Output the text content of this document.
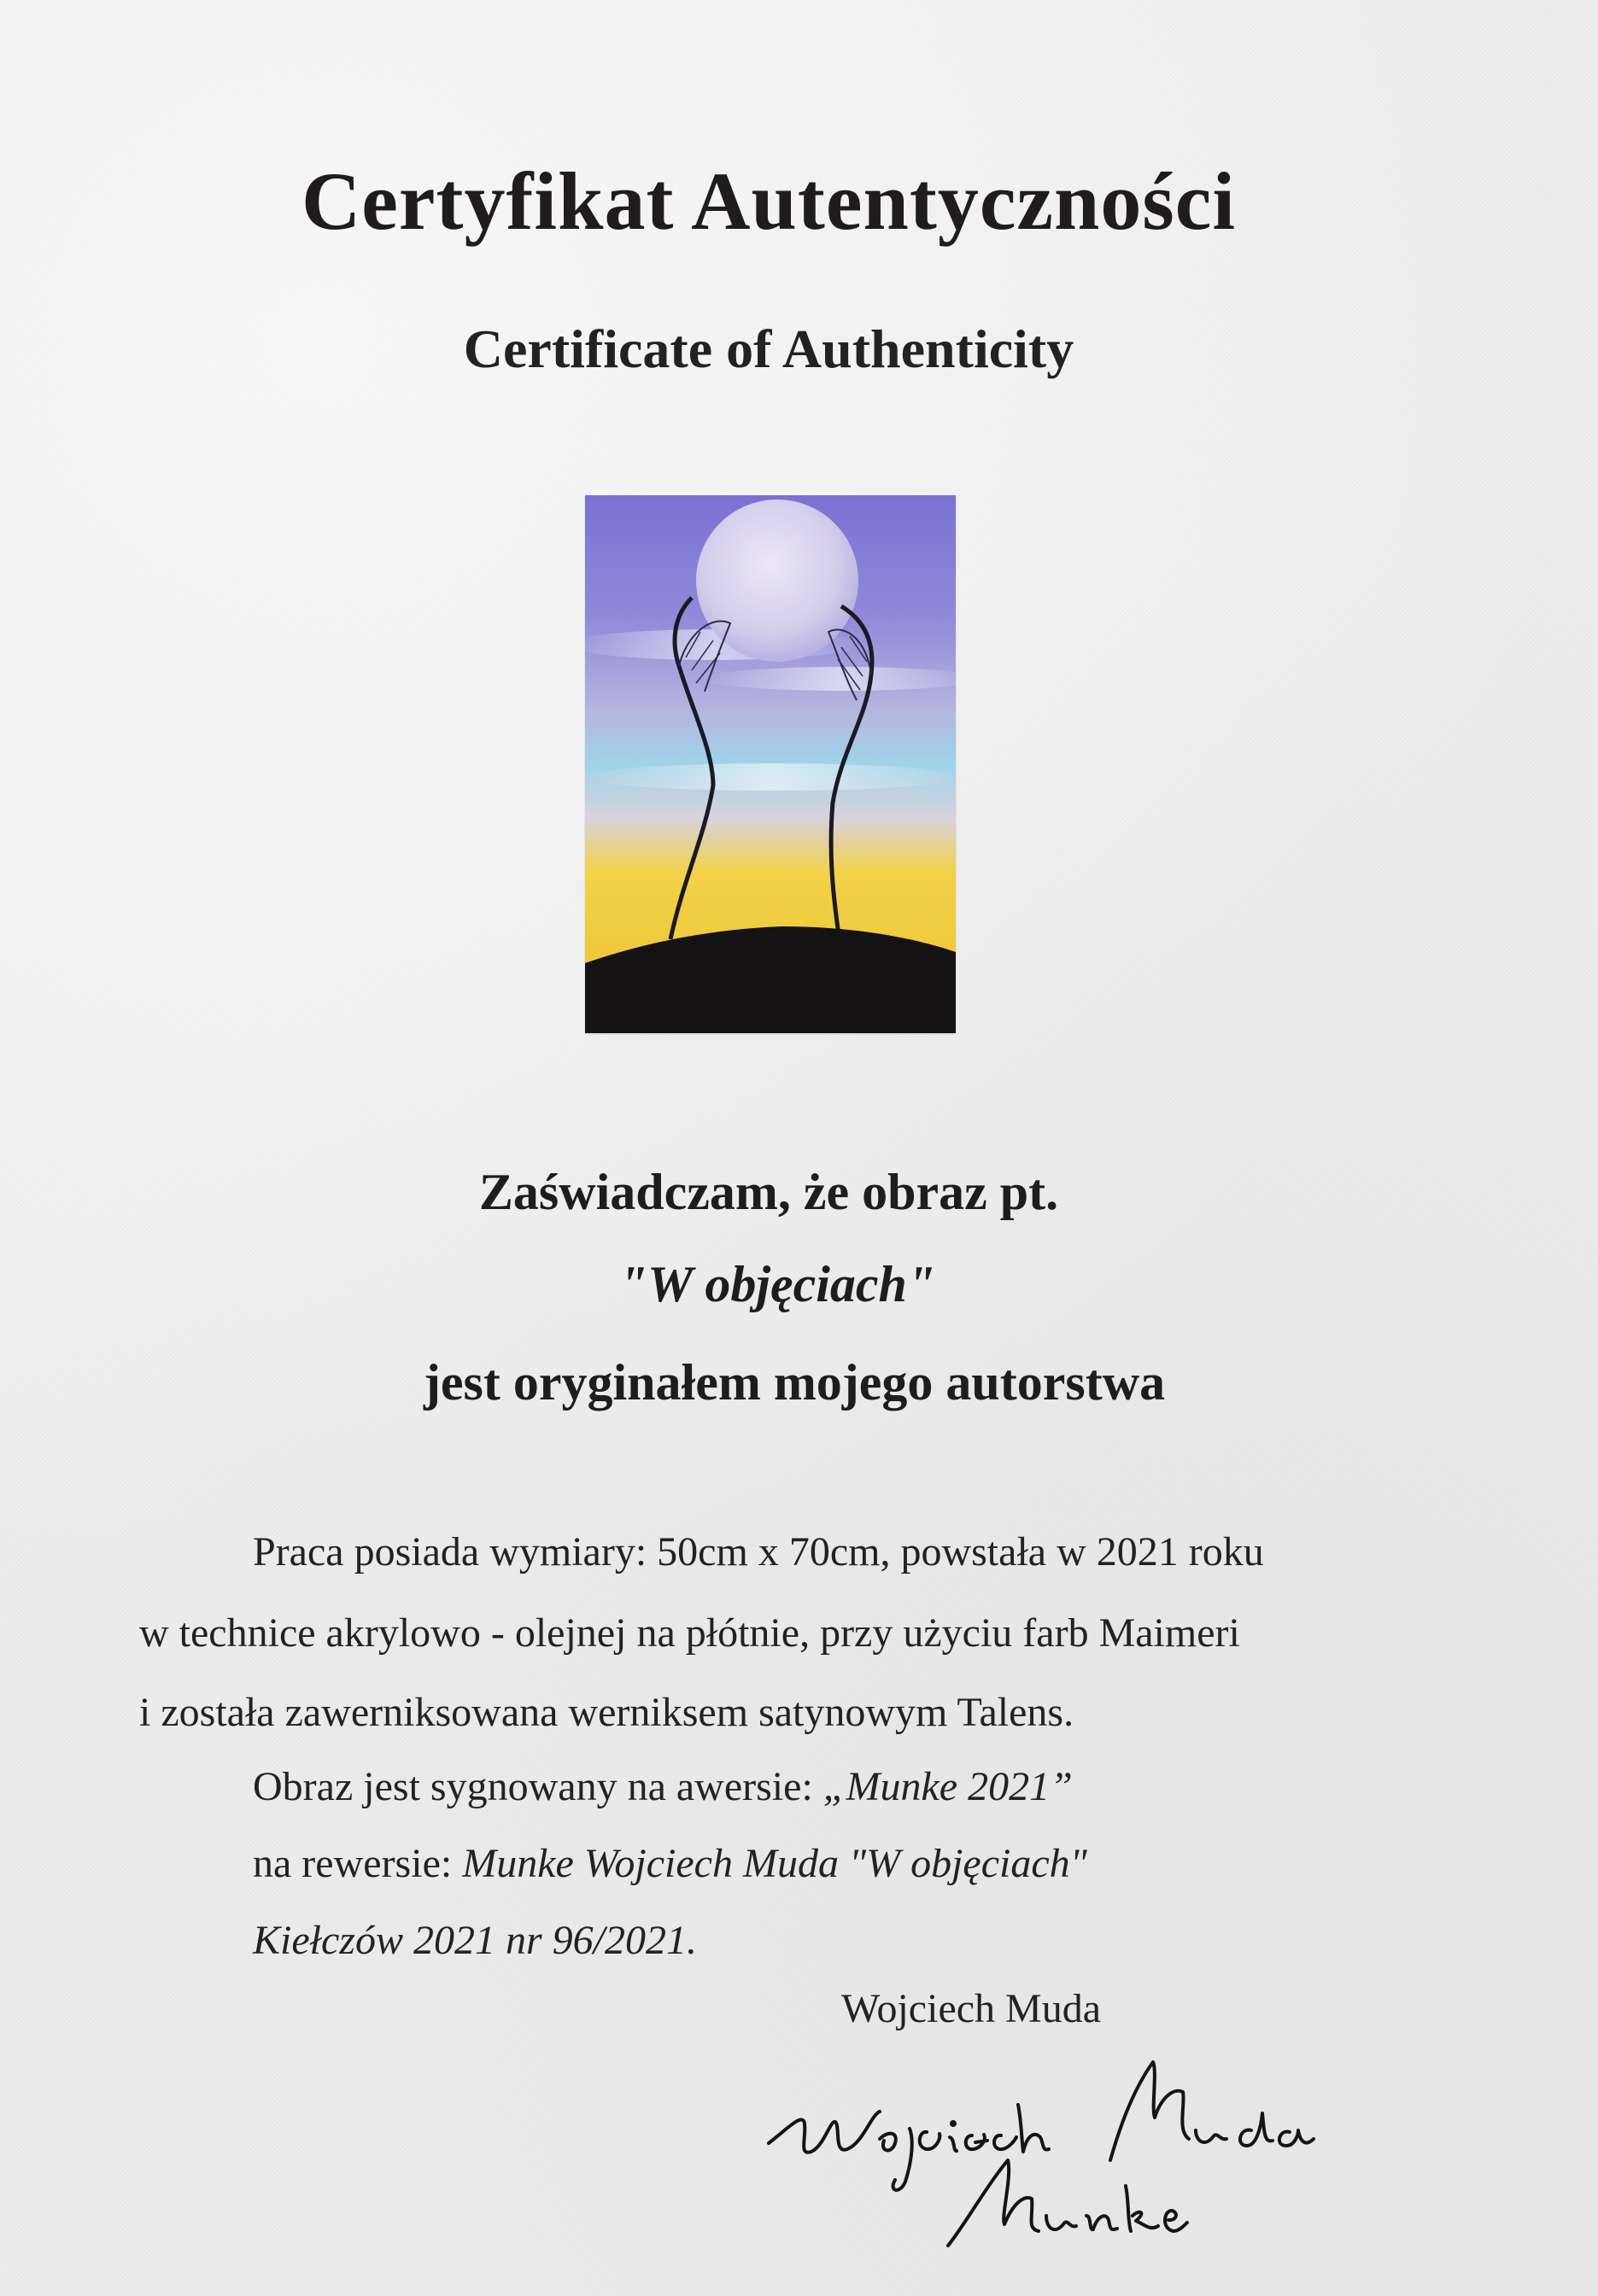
Certyfikat Autentyczności
Certificate of Authenticity
Zaświadczam, że obraz pt.
"W objęciach"
jest oryginałem mojego autorstwa
Praca posiada wymiary: 50cm x 70cm, powstała w 2021 roku
w technice akrylowo - olejnej na płótnie, przy użyciu farb Maimeri
i została zawerniksowana werniksem satynowym Talens.
Obraz jest sygnowany na awersie: „Munke 2021”
na rewersie: Munke Wojciech Muda "W objęciach"
Kiełczów 2021 nr 96/2021.
Wojciech Muda
